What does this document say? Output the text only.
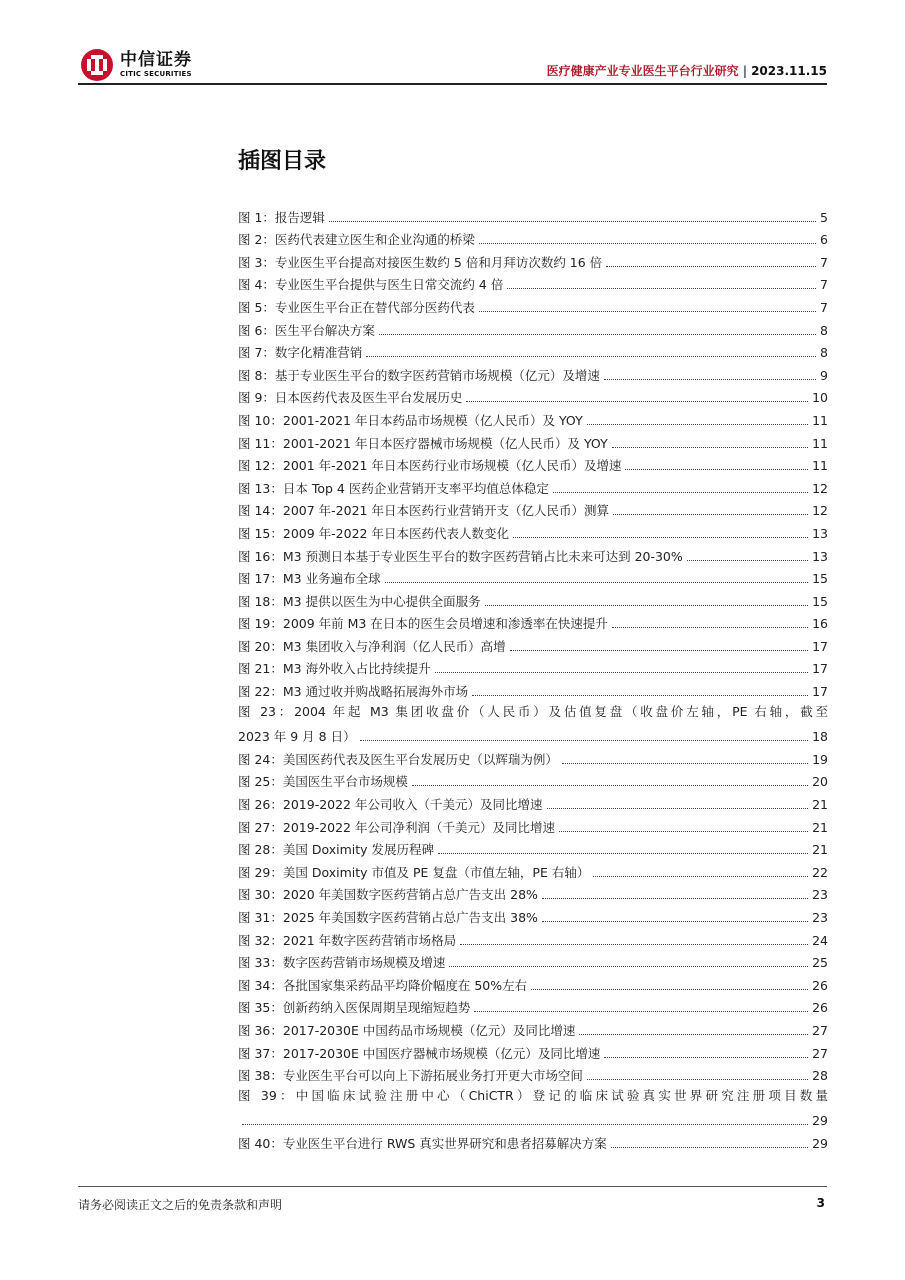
中信证券
CITIC SECURITIES	医疗健康产业专业医生平台行业研究 | 2023.11.15
插图目录
图 1：报告逻辑	5
图 2：医药代表建立医生和企业沟通的桥梁	6
图 3：专业医生平台提高对接医生数约 5 倍和月拜访次数约 16 倍	7
图 4：专业医生平台提供与医生日常交流约 4 倍	7
图 5：专业医生平台正在替代部分医药代表	7
图 6：医生平台解决方案	8
图 7：数字化精准营销	8
图 8：基于专业医生平台的数字医药营销市场规模（亿元）及增速	9
图 9：日本医药代表及医生平台发展历史	10
图 10：2001-2021 年日本药品市场规模（亿人民币）及 YOY	11
图 11：2001-2021 年日本医疗器械市场规模（亿人民币）及 YOY	11
图 12：2001 年-2021 年日本医药行业市场规模（亿人民币）及增速	11
图 13：日本 Top 4 医药企业营销开支率平均值总体稳定	12
图 14：2007 年-2021 年日本医药行业营销开支（亿人民币）测算	12
图 15：2009 年-2022 年日本医药代表人数变化	13
图 16：M3 预测日本基于专业医生平台的数字医药营销占比未来可达到 20-30%	13
图 17：M3 业务遍布全球	15
图 18：M3 提供以医生为中心提供全面服务	15
图 19：2009 年前 M3 在日本的医生会员增速和渗透率在快速提升	16
图 20：M3 集团收入与净利润（亿人民币）高增	17
图 21：M3 海外收入占比持续提升	17
图 22：M3 通过收并购战略拓展海外市场	17
图 23：2004 年起 M3 集团收盘价（人民币）及估值复盘（收盘价左轴，PE 右轴，截至
2023 年 9 月 8 日）	18
图 24：美国医药代表及医生平台发展历史（以辉瑞为例）	19
图 25：美国医生平台市场规模	20
图 26：2019-2022 年公司收入（千美元）及同比增速	21
图 27：2019-2022 年公司净利润（千美元）及同比增速	21
图 28：美国 Doximity 发展历程碑	21
图 29：美国 Doximity 市值及 PE 复盘（市值左轴，PE 右轴）	22
图 30：2020 年美国数字医药营销占总广告支出 28%	23
图 31：2025 年美国数字医药营销占总广告支出 38%	23
图 32：2021 年数字医药营销市场格局	24
图 33：数字医药营销市场规模及增速	25
图 34：各批国家集采药品平均降价幅度在 50%左右	26
图 35：创新药纳入医保周期呈现缩短趋势	26
图 36：2017-2030E 中国药品市场规模（亿元）及同比增速	27
图 37：2017-2030E 中国医疗器械市场规模（亿元）及同比增速	27
图 38：专业医生平台可以向上下游拓展业务打开更大市场空间	28
图 39：中国临床试验注册中心（ChiCTR）登记的临床试验真实世界研究注册项目数量
29
图 40：专业医生平台进行 RWS 真实世界研究和患者招募解决方案	29
请务必阅读正文之后的免责条款和声明	3
